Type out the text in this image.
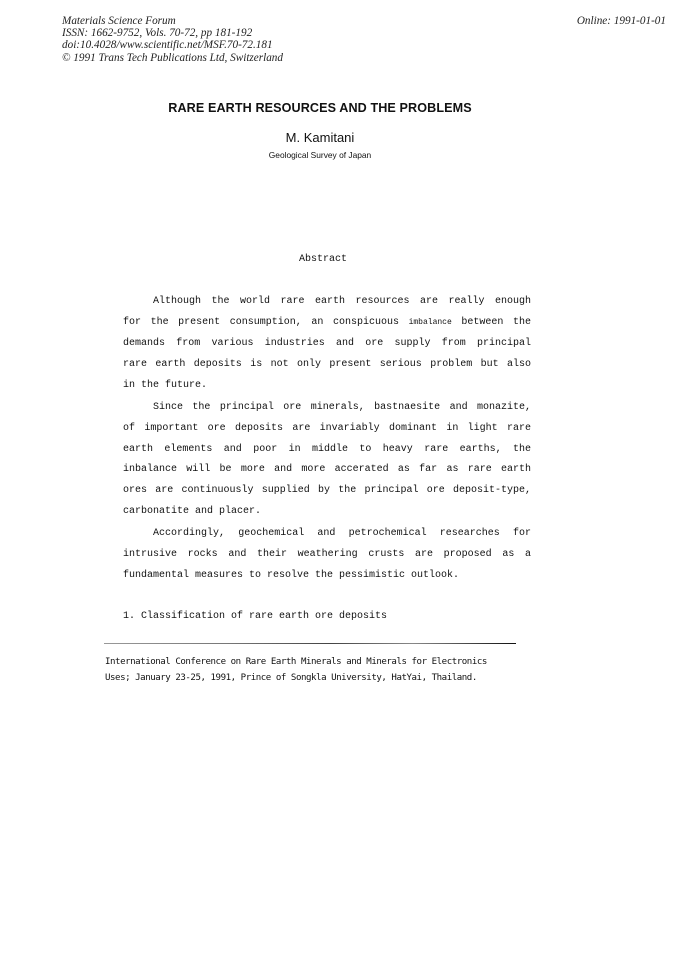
Materials Science Forum
ISSN: 1662-9752, Vols. 70-72, pp 181-192
doi:10.4028/www.scientific.net/MSF.70-72.181
© 1991 Trans Tech Publications Ltd, Switzerland
Online: 1991-01-01
RARE EARTH RESOURCES AND THE PROBLEMS
M. Kamitani
Geological Survey of Japan
Abstract
Although the world rare earth resources are really enough
for the present consumption, an conspicuous imbalance between the
demands from various industries and ore supply from principal
rare earth deposits is not only present serious problem but also
in the future.
Since the principal ore minerals, bastnaesite and monazite,
of important ore deposits are invariably dominant in light rare
earth elements and poor in middle to heavy rare earths, the
inbalance will be more and more accerated as far as rare earth
ores are continuously supplied by the principal ore deposit-type,
carbonatite and placer.
Accordingly, geochemical and petrochemical researches for
intrusive rocks and their weathering crusts are proposed as a
fundamental measures to resolve the pessimistic outlook.
1. Classification of rare earth ore deposits
International Conference on Rare Earth Minerals and Minerals for Electronics
Uses; January 23-25, 1991, Prince of Songkla University, HatYai, Thailand.
